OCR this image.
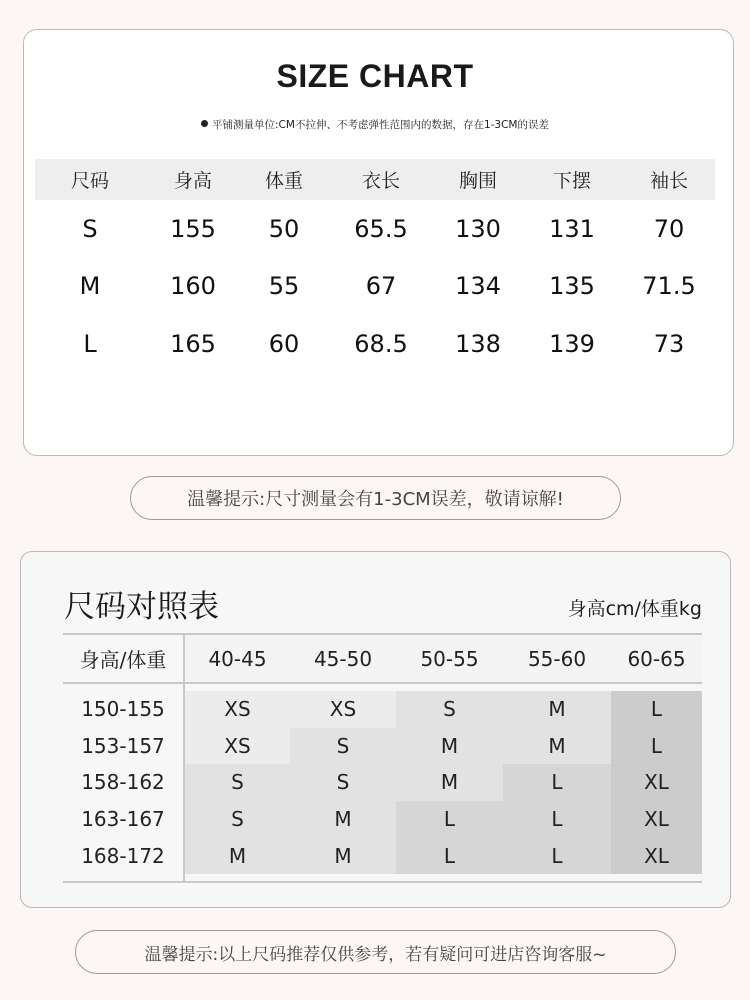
SIZE CHART
平铺测量单位:CM不拉伸、不考虑弹性范围内的数据，存在1-3CM的误差
尺码	身高	体重	衣长	胸围	下摆	袖长
S	155	50	65.5	130	131	70
M	160	55	67	134	135	71.5
L	165	60	68.5	138	139	73
温馨提示:尺寸测量会有1-3CM误差，敬请谅解!
尺码对照表	身高cm/体重kg
身高/体重	40-45	45-50	50-55	55-60	60-65
150-155	XS	XS	S	M	L
153-157	XS	S	M	M	L
158-162	S	S	M	L	XL
163-167	S	M	L	L	XL
168-172	M	M	L	L	XL
温馨提示:以上尺码推荐仅供参考，若有疑问可进店咨询客服~
